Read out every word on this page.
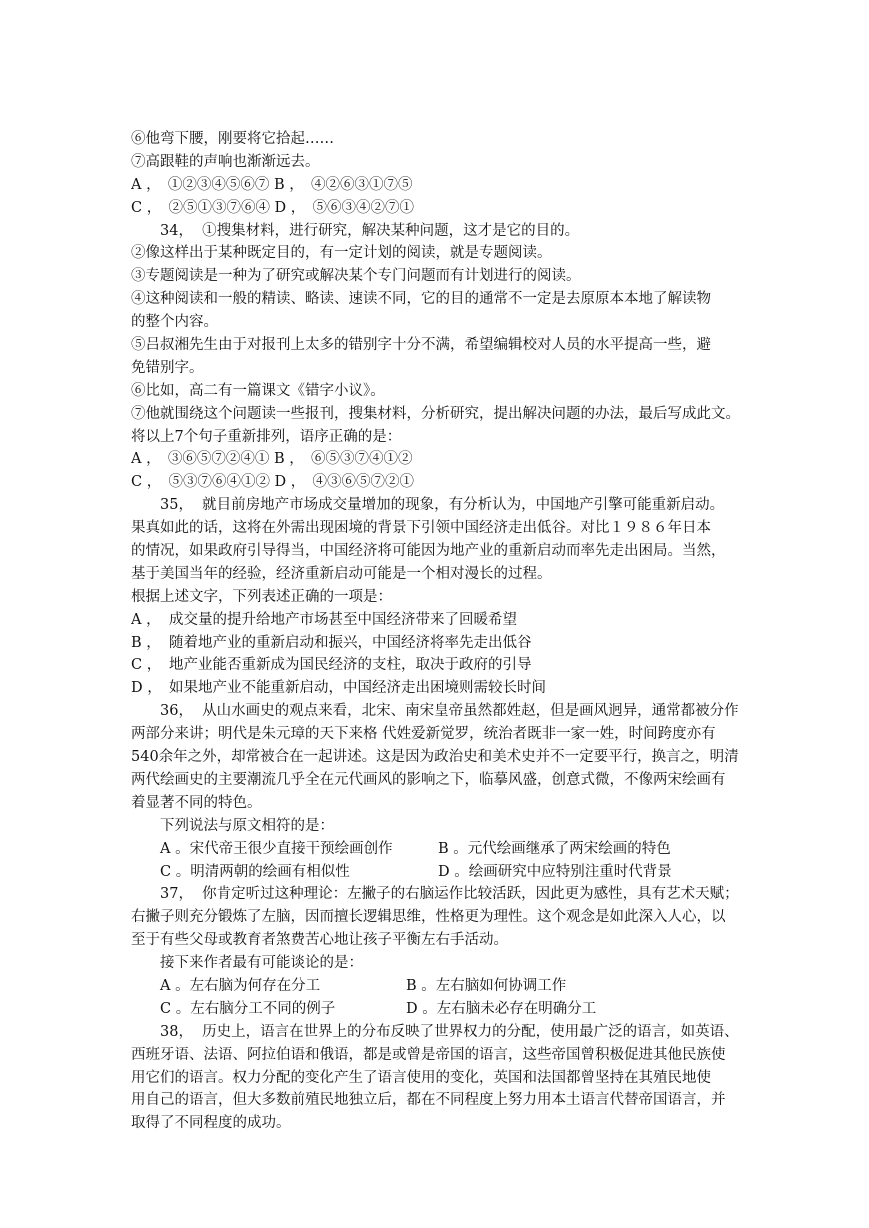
⑥他弯下腰，刚要将它拾起……
⑦高跟鞋的声响也渐渐远去。
A ，　①②③④⑤⑥⑦ B ，　④②⑥③①⑦⑤
C ，　②⑤①③⑦⑥④ D ，　⑤⑥③④②⑦①
34， ①搜集材料，进行研究，解决某种问题，这才是它的目的。
②像这样出于某种既定目的，有一定计划的阅读，就是专题阅读。
③专题阅读是一种为了研究或解决某个专门问题而有计划进行的阅读。
④这种阅读和一般的精读、略读、速读不同，它的目的通常不一定是去原原本本地了解读物
的整个内容。
⑤吕叔湘先生由于对报刊上太多的错别字十分不满，希望编辑校对人员的水平提高一些，避
免错别字。
⑥比如，高二有一篇课文《错字小议》。
⑦他就围绕这个问题读一些报刊，搜集材料，分析研究，提出解决问题的办法，最后写成此文。
将以上7个句子重新排列，语序正确的是：
A ，　③⑥⑤⑦②④① B ，　⑥⑤③⑦④①②
C ，　⑤③⑦⑥④①② D ，　④③⑥⑤⑦②①
35， 就目前房地产市场成交量增加的现象，有分析认为，中国地产引擎可能重新启动。
果真如此的话，这将在外需出现困境的背景下引领中国经济走出低谷。对比１９８６年日本
的情况，如果政府引导得当，中国经济将可能因为地产业的重新启动而率先走出困局。当然，
基于美国当年的经验，经济重新启动可能是一个相对漫长的过程。
根据上述文字，下列表述正确的一项是：
A ， 成交量的提升给地产市场甚至中国经济带来了回暖希望
B ， 随着地产业的重新启动和振兴，中国经济将率先走出低谷
C ， 地产业能否重新成为国民经济的支柱，取决于政府的引导
D ， 如果地产业不能重新启动，中国经济走出困境则需较长时间
36， 从山水画史的观点来看，北宋、南宋皇帝虽然都姓赵，但是画风迥异，通常都被分作
两部分来讲；明代是朱元璋的天下来格 代姓爱新觉罗，统治者既非一家一姓，时间跨度亦有
540余年之外，却常被合在一起讲述。这是因为政治史和美术史并不一定要平行，换言之，明清
两代绘画史的主要潮流几乎全在元代画风的影响之下，临摹风盛，创意式微，不像两宋绘画有
着显著不同的特色。
下列说法与原文相符的是：
A 。宋代帝王很少直接干预绘画创作	B 。元代绘画继承了两宋绘画的特色
C 。明清两朝的绘画有相似性	D 。绘画研究中应特别注重时代背景
37， 你肯定听过这种理论：左撇子的右脑运作比较活跃，因此更为感性，具有艺术天赋；
右撇子则充分锻炼了左脑，因而擅长逻辑思维，性格更为理性。这个观念是如此深入人心，以
至于有些父母或教育者煞费苦心地让孩子平衡左右手活动。
接下来作者最有可能谈论的是：
A 。左右脑为何存在分工	B 。左右脑如何协调工作
C 。左右脑分工不同的例子	D 。左右脑未必存在明确分工
38， 历史上，语言在世界上的分布反映了世界权力的分配，使用最广泛的语言，如英语、
西班牙语、法语、阿拉伯语和俄语，都是或曾是帝国的语言，这些帝国曾积极促进其他民族使
用它们的语言。权力分配的变化产生了语言使用的变化，英国和法国都曾坚持在其殖民地使
用自己的语言，但大多数前殖民地独立后，都在不同程度上努力用本土语言代替帝国语言，并
取得了不同程度的成功。
